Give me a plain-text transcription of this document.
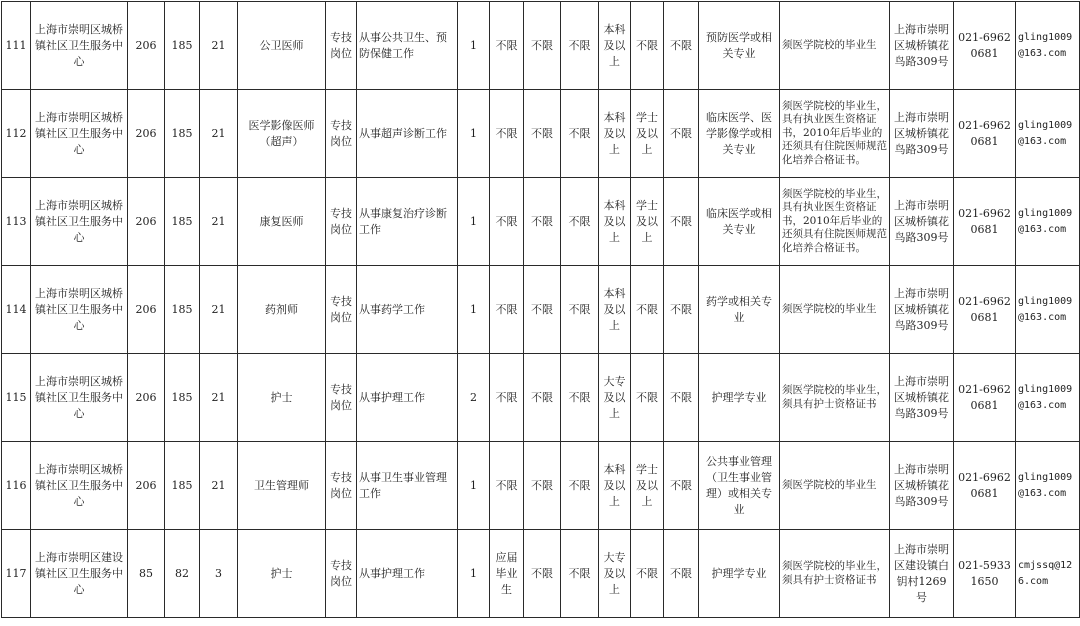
111	上海市崇明区城桥镇社区卫生服务中心	206	185	21	公卫医师	专技岗位	从事公共卫生、预防保健工作	1	不限	不限	不限	本科及以上	不限	不限	预防医学或相关专业	须医学院校的毕业生	上海市崇明区城桥镇花鸟路309号	021-69620681	gling1009@163.com
112	上海市崇明区城桥镇社区卫生服务中心	206	185	21	医学影像医师（超声）	专技岗位	从事超声诊断工作	1	不限	不限	不限	本科及以上	学士及以上	不限	临床医学、医学影像学或相关专业	须医学院校的毕业生，具有执业医生资格证书，2010年后毕业的还须具有住院医师规范化培养合格证书。	上海市崇明区城桥镇花鸟路309号	021-69620681	gling1009@163.com
113	上海市崇明区城桥镇社区卫生服务中心	206	185	21	康复医师	专技岗位	从事康复治疗诊断工作	1	不限	不限	不限	本科及以上	学士及以上	不限	临床医学或相关专业	须医学院校的毕业生，具有执业医生资格证书，2010年后毕业的还须具有住院医师规范化培养合格证书。	上海市崇明区城桥镇花鸟路309号	021-69620681	gling1009@163.com
114	上海市崇明区城桥镇社区卫生服务中心	206	185	21	药剂师	专技岗位	从事药学工作	1	不限	不限	不限	本科及以上	不限	不限	药学或相关专业	须医学院校的毕业生	上海市崇明区城桥镇花鸟路309号	021-69620681	gling1009@163.com
115	上海市崇明区城桥镇社区卫生服务中心	206	185	21	护士	专技岗位	从事护理工作	2	不限	不限	不限	大专及以上	不限	不限	护理学专业	须医学院校的毕业生，须具有护士资格证书	上海市崇明区城桥镇花鸟路309号	021-69620681	gling1009@163.com
116	上海市崇明区城桥镇社区卫生服务中心	206	185	21	卫生管理师	专技岗位	从事卫生事业管理工作	1	不限	不限	不限	本科及以上	学士及以上	不限	公共事业管理（卫生事业管理）或相关专业	须医学院校的毕业生	上海市崇明区城桥镇花鸟路309号	021-69620681	gling1009@163.com
117	上海市崇明区建设镇社区卫生服务中心	85	82	3	护士	专技岗位	从事护理工作	1	应届毕业生	不限	不限	大专及以上	不限	不限	护理学专业	须医学院校的毕业生，须具有护士资格证书	上海市崇明区建设镇白钥村1269号	021-59331650	cmjssq@126.com
